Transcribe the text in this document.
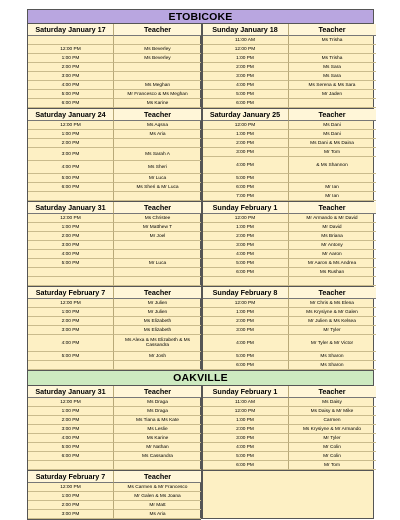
ETOBICOKE
Saturday January 17	Teacher
12:00 PM	Ms Beverley
1:00 PM	Ms Beverley
2:00 PM
3:00 PM
4:00 PM	Ms Meghan
5:00 PM	Mr Francesco & Ms Meghan
6:00 PM	Ms Karine
Sunday January 18	Teacher
11:00 AM	Ms Trisha
12:00 PM
1:00 PM	Ms Trisha
2:00 PM	Ms Sara
3:00 PM	Ms Sara
4:00 PM	Ms Serena & Ms Sara
5:00 PM	Mr Jaden
6:00 PM
Saturday January 24	Teacher
12:00 PM	Ms Aqsna
1:00 PM	Ms Aria
2:00 PM
3:00 PM	Ms Sarah A
4:00 PM	Ms Sheri
5:00 PM	Mr Luca
6:00 PM	Ms Sheri & Mr Luca
Saturday January 25	Teacher
12:00 PM	Ms Dani
1:00 PM	Ms Dani
2:00 PM	Ms Dani & Ms Daina
3:00 PM	Mr Tom
4:00 PM	& Ms Shannon
5:00 PM
6:00 PM	Mr Ian
7:00 PM	Mr Ian
Saturday January 31	Teacher
12:00 PM	Ms Christee
1:00 PM	Mr Matthew T
2:00 PM	Mr Joel
3:00 PM
4:00 PM
5:00 PM	Mr Luca
Sunday February 1	Teacher
12:00 PM	Mr Armando & Mr David
1:00 PM	Mr David
2:00 PM	Ms Briana
3:00 PM	Mr Antony
4:00 PM	Mr Aaron
5:00 PM	Mr Aaron & Ms Andrea
6:00 PM	Ms Rushan
Saturday February 7	Teacher
12:00 PM	Mr Julien
1:00 PM	Mr Julien
2:00 PM	Ms Elizabeth
3:00 PM	Ms Elizabeth
4:00 PM	Ms Alexa & Ms Elizabeth & Ms Cassandra
5:00 PM	Mr Josh
Sunday February 8	Teacher
12:00 PM	Mr Chris & Ms Elena
1:00 PM	Ms Krysiyne & Mr Galen
2:00 PM	Mr Julien & Ms Kelsea
3:00 PM	Mr Tyler
4:00 PM	Mr Tyler & Mr Victor
5:00 PM	Ms Sharon
6:00 PM	Ms Sharon
OAKVILLE
Saturday January 31	Teacher
12:00 PM	Ms Draga
1:00 PM	Ms Draga
2:00 PM	Ms Tiana & Ms Kate
3:00 PM	Ms Leslie
4:00 PM	Ms Karine
5:00 PM	Mr Nathan
6:00 PM	Ms Cassandra
Sunday February 1	Teacher
11:00 AM	Ms Daisy
12:00 PM	Ms Daisy & Mr Mike
1:00 PM	Carmen
2:00 PM	Ms Krysiyne & Mr Armando
3:00 PM	Mr Tyler
4:00 PM	Mr Colin
5:00 PM	Mr Colin
6:00 PM	Mr Tom
Saturday February 7	Teacher
12:00 PM	Ms Carmen & Mr Francesco
1:00 PM	Mr Galen & Ms Joana
2:00 PM	Mr Matt
3:00 PM	Ms Aria
